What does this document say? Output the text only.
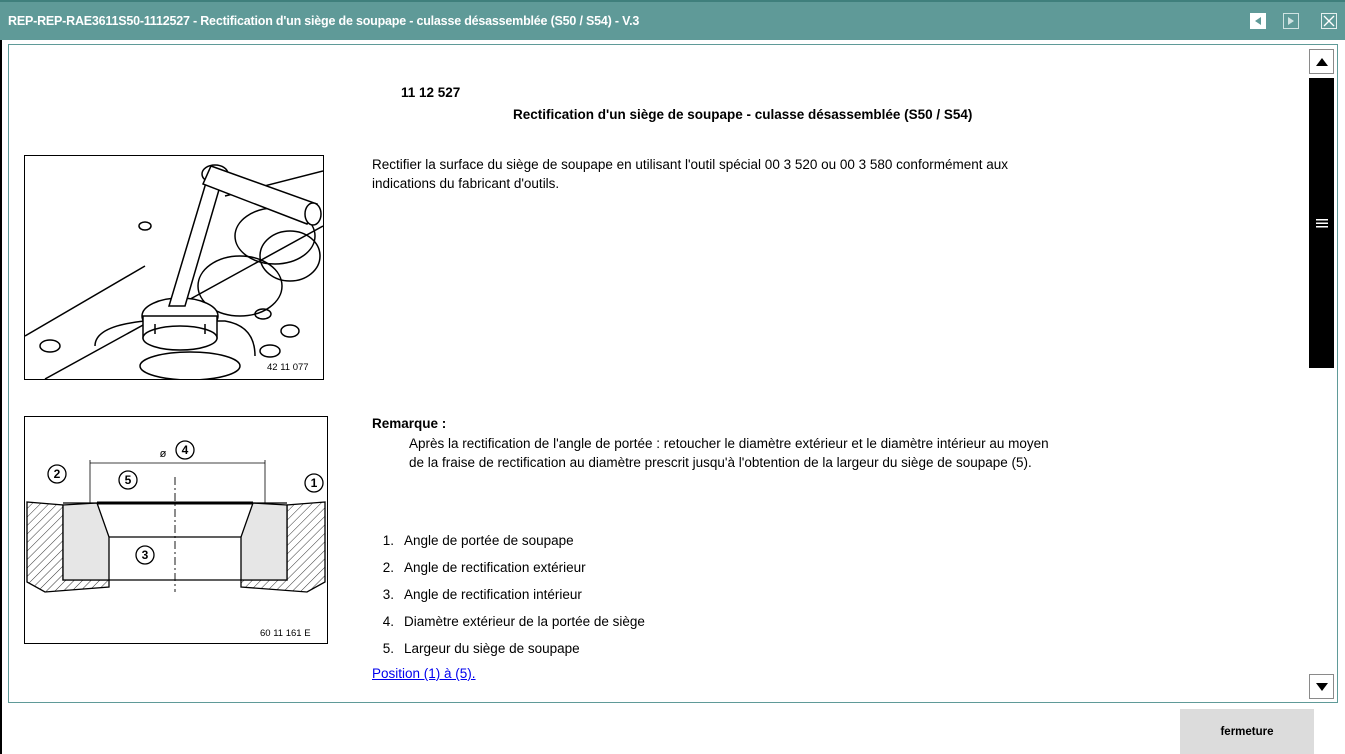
REP-REP-RAE3611S50-1112527 - Rectification d'un siège de soupape - culasse désassemblée (S50 / S54) - V.3
11 12 527
Rectification d'un siège de soupape - culasse désassemblée (S50 / S54)
42 11 077
Rectifier la surface du siège de soupape en utilisant l'outil spécial 00 3 520 ou 00 3 580 conformément aux indications du fabricant d'outils.
2
1
3
4
5
ø
60 11 161 E
Remarque :
Après la rectification de l'angle de portée : retoucher le diamètre extérieur et le diamètre intérieur au moyen de la fraise de rectification au diamètre prescrit jusqu'à l'obtention de la largeur du siège de soupape (5).
1. Angle de portée de soupape
2. Angle de rectification extérieur
3. Angle de rectification intérieur
4. Diamètre extérieur de la portée de siège
5. Largeur du siège de soupape
Position (1) à (5).
fermeture
